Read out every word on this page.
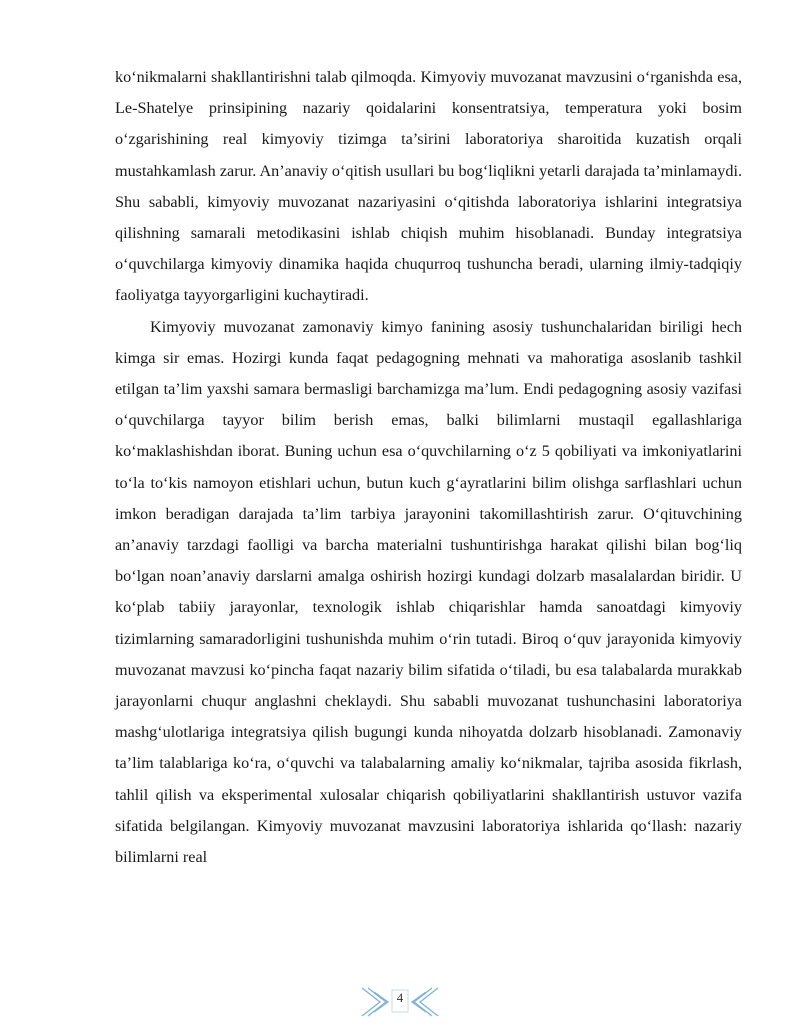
ko‘nikmalarni shakllantirishni talab qilmoqda. Kimyoviy muvozanat mavzusini o‘rganishda esa, Le-Shatelye prinsipining nazariy qoidalarini konsentratsiya, temperatura yoki bosim o‘zgarishining real kimyoviy tizimga ta’sirini laboratoriya sharoitida kuzatish orqali mustahkamlash zarur. An’anaviy o‘qitish usullari bu bog‘liqlikni yetarli darajada ta’minlamaydi. Shu sababli, kimyoviy muvozanat nazariyasini o‘qitishda laboratoriya ishlarini integratsiya qilishning samarali metodikasini ishlab chiqish muhim hisoblanadi. Bunday integratsiya o‘quvchilarga kimyoviy dinamika haqida chuqurroq tushuncha beradi, ularning ilmiy-tadqiqiy faoliyatga tayyorgarligini kuchaytiradi.

Kimyoviy muvozanat zamonaviy kimyo fanining asosiy tushunchalaridan biriligi hech kimga sir emas. Hozirgi kunda faqat pedagogning mehnati va mahoratiga asoslanib tashkil etilgan ta’lim yaxshi samara bermasligi barchamizga ma’lum. Endi pedagogning asosiy vazifasi o‘quvchilarga tayyor bilim berish emas, balki bilimlarni mustaqil egallashlariga ko‘maklashishdan iborat. Buning uchun esa o‘quvchilarning o‘z 5 qobiliyati va imkoniyatlarini to‘la to‘kis namoyon etishlari uchun, butun kuch g‘ayratlarini bilim olishga sarflashlari uchun imkon beradigan darajada ta’lim tarbiya jarayonini takomillashtirish zarur. O‘qituvchining an’anaviy tarzdagi faolligi va barcha materialni tushuntirishga harakat qilishi bilan bog‘liq bo‘lgan noan’anaviy darslarni amalga oshirish hozirgi kundagi dolzarb masalalardan biridir. U ko‘plab tabiiy jarayonlar, texnologik ishlab chiqarishlar hamda sanoatdagi kimyoviy tizimlarning samaradorligini tushunishda muhim o‘rin tutadi. Biroq o‘quv jarayonida kimyoviy muvozanat mavzusi ko‘pincha faqat nazariy bilim sifatida o‘tiladi, bu esa talabalarda murakkab jarayonlarni chuqur anglashni cheklaydi. Shu sababli muvozanat tushunchasini laboratoriya mashg‘ulotlariga integratsiya qilish bugungi kunda nihoyatda dolzarb hisoblanadi. Zamonaviy ta’lim talablariga ko‘ra, o‘quvchi va talabalarning amaliy ko‘nikmalar, tajriba asosida fikrlash, tahlil qilish va eksperimental xulosalar chiqarish qobiliyatlarini shakllantirish ustuvor vazifa sifatida belgilangan. Kimyoviy muvozanat mavzusini laboratoriya ishlarida qo‘llash: nazariy bilimlarni real

4
